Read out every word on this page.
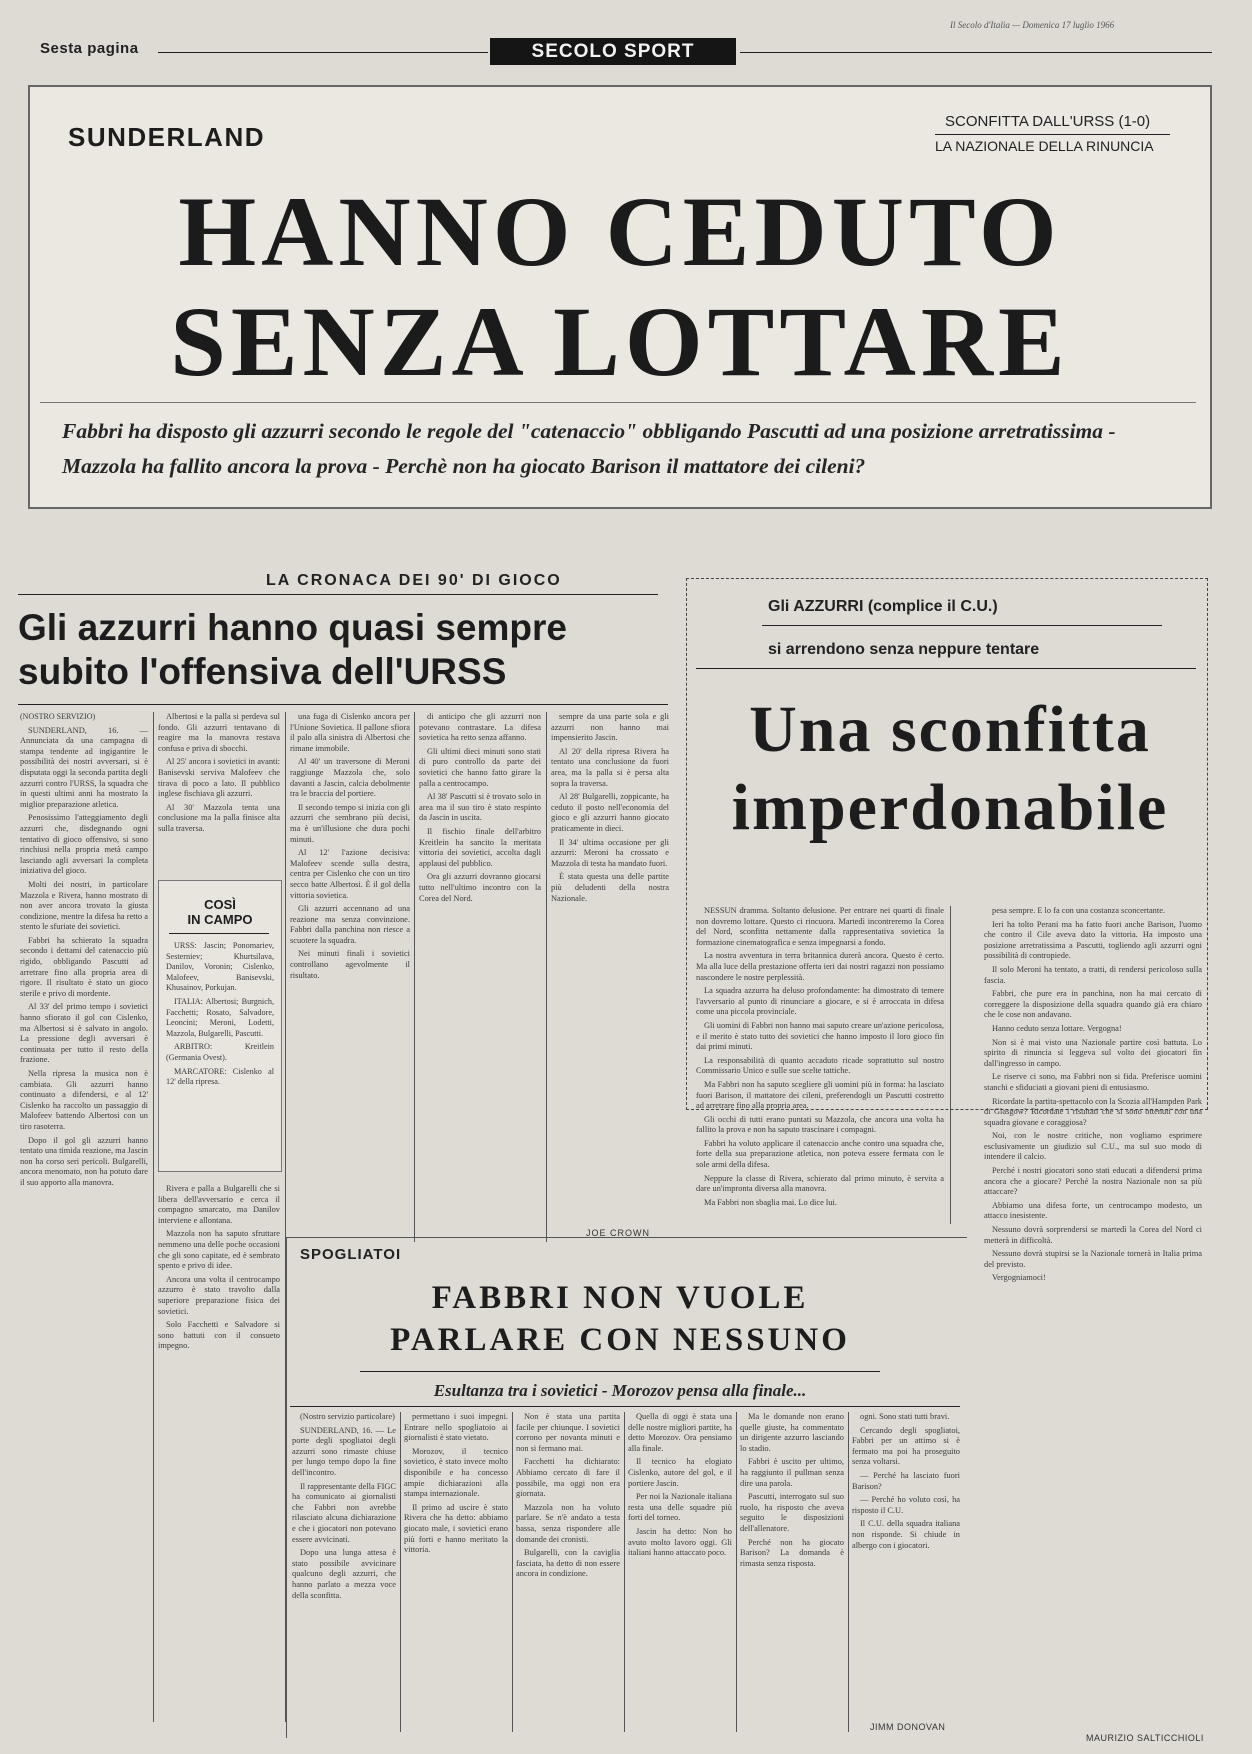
Sesta pagina	SECOLO SPORT
Il Secolo d'Italia — Domenica 17 luglio 1966
SUNDERLAND
SCONFITTA DALL'URSS (1-0)
LA NAZIONALE DELLA RINUNCIA
HANNO CEDUTO
SENZA LOTTARE
Fabbri ha disposto gli azzurri secondo le regole del "catenaccio" obbligando Pascutti ad una posizione arretratissima - Mazzola ha fallito ancora la prova - Perchè non ha giocato Barison il mattatore dei cileni?
LA CRONACA DEI 90' DI GIOCO
Gli azzurri hanno quasi sempre subito l'offensiva dell'URSS
(NOSTRO SERVIZIO)

SUNDERLAND, 16. — Annunciata da una campagna di stampa tendente ad ingigantire le possibilità dei nostri avversari, si è disputata oggi la seconda partita degli azzurri contro l'URSS, la squadra che in questi ultimi anni ha mostrato la miglior preparazione atletica.

Penosissimo l'atteggiamento degli azzurri che, disdegnando ogni tentativo di gioco offensivo, si sono rinchiusi nella propria metà campo lasciando agli avversari la completa iniziativa del gioco.

Molti dei nostri, in particolare Mazzola e Rivera, hanno mostrato di non aver ancora trovato la giusta condizione, mentre la difesa ha retto a stento le sfuriate dei sovietici.

Fabbri ha schierato la squadra secondo i dettami del catenaccio più rigido, obbligando Pascutti ad arretrare fino alla propria area di rigore. Il risultato è stato un gioco sterile e privo di mordente.

Al 33' del primo tempo i sovietici hanno sfiorato il gol con Cislenko, ma Albertosi si è salvato in angolo. La pressione degli avversari è continuata per tutto il resto della frazione.

Nella ripresa la musica non è cambiata. Gli azzurri hanno continuato a difendersi, e al 12' Cislenko ha raccolto un passaggio di Malofeev battendo Albertosi con un tiro rasoterra.

Dopo il gol gli azzurri hanno tentato una timida reazione, ma Jascin non ha corso seri pericoli. Bulgarelli, ancora menomato, non ha potuto dare il suo apporto alla manovra.

Albertosi e la palla si perdeva sul fondo. Gli azzurri tentavano di reagire ma la manovra restava confusa e priva di sbocchi.

Al 25' ancora i sovietici in avanti: Banisevski serviva Malofeev che tirava di poco a lato. Il pubblico inglese fischiava gli azzurri.

Al 30' Mazzola tenta una conclusione ma la palla finisce alta sulla traversa.

COSÌ
IN CAMPO

URSS: Jascin; Ponomariev, Sesterniev; Khurtsilava, Danilov, Voronin; Cislenko, Malofeev, Banisevski, Khusainov, Porkujan.

ITALIA: Albertosi; Burgnich, Facchetti; Rosato, Salvadore, Leoncini; Meroni, Lodetti, Mazzola, Bulgarelli, Pascutti.

ARBITRO: Kreitlein (Germania Ovest).

MARCATORE: Cislenko al 12' della ripresa.

Rivera e palla a Bulgarelli che si libera dell'avversario e cerca il compagno smarcato, ma Danilov interviene e allontana.

Mazzola non ha saputo sfruttare nemmeno una delle poche occasioni che gli sono capitate, ed è sembrato spento e privo di idee.

Ancora una volta il centrocampo azzurro è stato travolto dalla superiore preparazione fisica dei sovietici.

Solo Facchetti e Salvadore si sono battuti con il consueto impegno.

una fuga di Cislenko ancora per l'Unione Sovietica. Il pallone sfiora il palo alla sinistra di Albertosi che rimane immobile.

Al 40' un traversone di Meroni raggiunge Mazzola che, solo davanti a Jascin, calcia debolmente tra le braccia del portiere.

Il secondo tempo si inizia con gli azzurri che sembrano più decisi, ma è un'illusione che dura pochi minuti.

Al 12' l'azione decisiva: Malofeev scende sulla destra, centra per Cislenko che con un tiro secco batte Albertosi. È il gol della vittoria sovietica.

Gli azzurri accennano ad una reazione ma senza convinzione. Fabbri dalla panchina non riesce a scuotere la squadra.

Nei minuti finali i sovietici controllano agevolmente il risultato.

di anticipo che gli azzurri non potevano contrastare. La difesa sovietica ha retto senza affanno.

Gli ultimi dieci minuti sono stati di puro controllo da parte dei sovietici che hanno fatto girare la palla a centrocampo.

Al 38' Pascutti si è trovato solo in area ma il suo tiro è stato respinto da Jascin in uscita.

Il fischio finale dell'arbitro Kreitlein ha sancito la meritata vittoria dei sovietici, accolta dagli applausi del pubblico.

Ora gli azzurri dovranno giocarsi tutto nell'ultimo incontro con la Corea del Nord.

sempre da una parte sola e gli azzurri non hanno mai impensierito Jascin.

Al 20' della ripresa Rivera ha tentato una conclusione da fuori area, ma la palla si è persa alta sopra la traversa.

Al 28' Bulgarelli, zoppicante, ha ceduto il posto nell'economia del gioco e gli azzurri hanno giocato praticamente in dieci.

Il 34' ultima occasione per gli azzurri: Meroni ha crossato e Mazzola di testa ha mandato fuori.

È stata questa una delle partite più deludenti della nostra Nazionale.

JOE CROWN
Gli AZZURRI (complice il C.U.)
si arrendono senza neppure tentare
Una sconfitta
imperdonabile

NESSUN dramma. Soltanto delusione. Per entrare nei quarti di finale non dovremo lottare. Questo ci rincuora. Martedì incontreremo la Corea del Nord, sconfitta nettamente dalla rappresentativa sovietica la formazione cinematografica e senza impegnarsi a fondo.

La nostra avventura in terra britannica durerà ancora. Questo è certo. Ma alla luce della prestazione offerta ieri dai nostri ragazzi non possiamo nascondere le nostre perplessità.

La squadra azzurra ha deluso profondamente: ha dimostrato di temere l'avversario al punto di rinunciare a giocare, e si è arroccata in difesa come una piccola provinciale.

Gli uomini di Fabbri non hanno mai saputo creare un'azione pericolosa, e il merito è stato tutto dei sovietici che hanno imposto il loro gioco fin dai primi minuti.

La responsabilità di quanto accaduto ricade soprattutto sul nostro Commissario Unico e sulle sue scelte tattiche.

Ma Fabbri non ha saputo scegliere gli uomini più in forma: ha lasciato fuori Barison, il mattatore dei cileni, preferendogli un Pascutti costretto ad arretrare fino alla propria area.

Gli occhi di tutti erano puntati su Mazzola, che ancora una volta ha fallito la prova e non ha saputo trascinare i compagni.

Fabbri ha voluto applicare il catenaccio anche contro una squadra che, forte della sua preparazione atletica, non poteva essere fermata con le sole armi della difesa.

Neppure la classe di Rivera, schierato dal primo minuto, è servita a dare un'impronta diversa alla manovra.

Ma Fabbri non sbaglia mai. Lo dice lui.

pesa sempre. E lo fa con una costanza sconcertante.

Ieri ha tolto Perani ma ha fatto fuori anche Barison, l'uomo che contro il Cile aveva dato la vittoria. Ha imposto una posizione arretratissima a Pascutti, togliendo agli azzurri ogni possibilità di contropiede.

Il solo Meroni ha tentato, a tratti, di rendersi pericoloso sulla fascia.

Fabbri, che pure era in panchina, non ha mai cercato di correggere la disposizione della squadra quando già era chiaro che le cose non andavano.

Hanno ceduto senza lottare. Vergogna!

Non si è mai visto una Nazionale partire così battuta. Lo spirito di rinuncia si leggeva sul volto dei giocatori fin dall'ingresso in campo.

Le riserve ci sono, ma Fabbri non si fida. Preferisce uomini stanchi e sfiduciati a giovani pieni di entusiasmo.

Ricordate la partita-spettacolo con la Scozia all'Hampden Park di Glasgow? Ricordate i risultati che si sono ottenuti con una squadra giovane e coraggiosa?

Noi, con le nostre critiche, non vogliamo esprimere esclusivamente un giudizio sul C.U., ma sul suo modo di intendere il calcio.

Perché i nostri giocatori sono stati educati a difendersi prima ancora che a giocare? Perché la nostra Nazionale non sa più attaccare?

Abbiamo una difesa forte, un centrocampo modesto, un attacco inesistente.

Nessuno dovrà sorprendersi se martedì la Corea del Nord ci metterà in difficoltà.

Nessuno dovrà stupirsi se la Nazionale tornerà in Italia prima del previsto.

Vergogniamoci!

MAURIZIO SALTICCHIOLI
SPOGLIATOI
FABBRI NON VUOLE
PARLARE CON NESSUNO
Esultanza tra i sovietici - Morozov pensa alla finale...

(Nostro servizio particolare)

SUNDERLAND, 16. — Le porte degli spogliatoi degli azzurri sono rimaste chiuse per lungo tempo dopo la fine dell'incontro.

Il rappresentante della FIGC ha comunicato ai giornalisti che Fabbri non avrebbe rilasciato alcuna dichiarazione e che i giocatori non potevano essere avvicinati.

Dopo una lunga attesa è stato possibile avvicinare qualcuno degli azzurri, che hanno parlato a mezza voce della sconfitta.

permettano i suoi impegni. Entrare nello spogliatoio ai giornalisti è stato vietato.

Morozov, il tecnico sovietico, è stato invece molto disponibile e ha concesso ampie dichiarazioni alla stampa internazionale.

Il primo ad uscire è stato Rivera che ha detto: abbiamo giocato male, i sovietici erano più forti e hanno meritato la vittoria.

Non è stata una partita facile per chiunque. I sovietici corrono per novanta minuti e non si fermano mai.

Facchetti ha dichiarato: Abbiamo cercato di fare il possibile, ma oggi non era giornata.

Mazzola non ha voluto parlare. Se n'è andato a testa bassa, senza rispondere alle domande dei cronisti.

Bulgarelli, con la caviglia fasciata, ha detto di non essere ancora in condizione.

Quella di oggi è stata una delle nostre migliori partite, ha detto Morozov. Ora pensiamo alla finale.

Il tecnico ha elogiato Cislenko, autore del gol, e il portiere Jascin.

Per noi la Nazionale italiana resta una delle squadre più forti del torneo.

Jascin ha detto: Non ho avuto molto lavoro oggi. Gli italiani hanno attaccato poco.

Ma le domande non erano quelle giuste, ha commentato un dirigente azzurro lasciando lo stadio.

Fabbri è uscito per ultimo, ha raggiunto il pullman senza dire una parola.

Pascutti, interrogato sul suo ruolo, ha risposto che aveva seguito le disposizioni dell'allenatore.

Perché non ha giocato Barison? La domanda è rimasta senza risposta.

ogni. Sono stati tutti bravi.

Cercando degli spogliatoi, Fabbri per un attimo si è fermato ma poi ha proseguito senza voltarsi.

— Perché ha lasciato fuori Barison?

— Perché ho voluto così, ha risposto il C.U.

Il C.U. della squadra italiana non risponde. Si chiude in albergo con i giocatori.

JIMM DONOVAN
